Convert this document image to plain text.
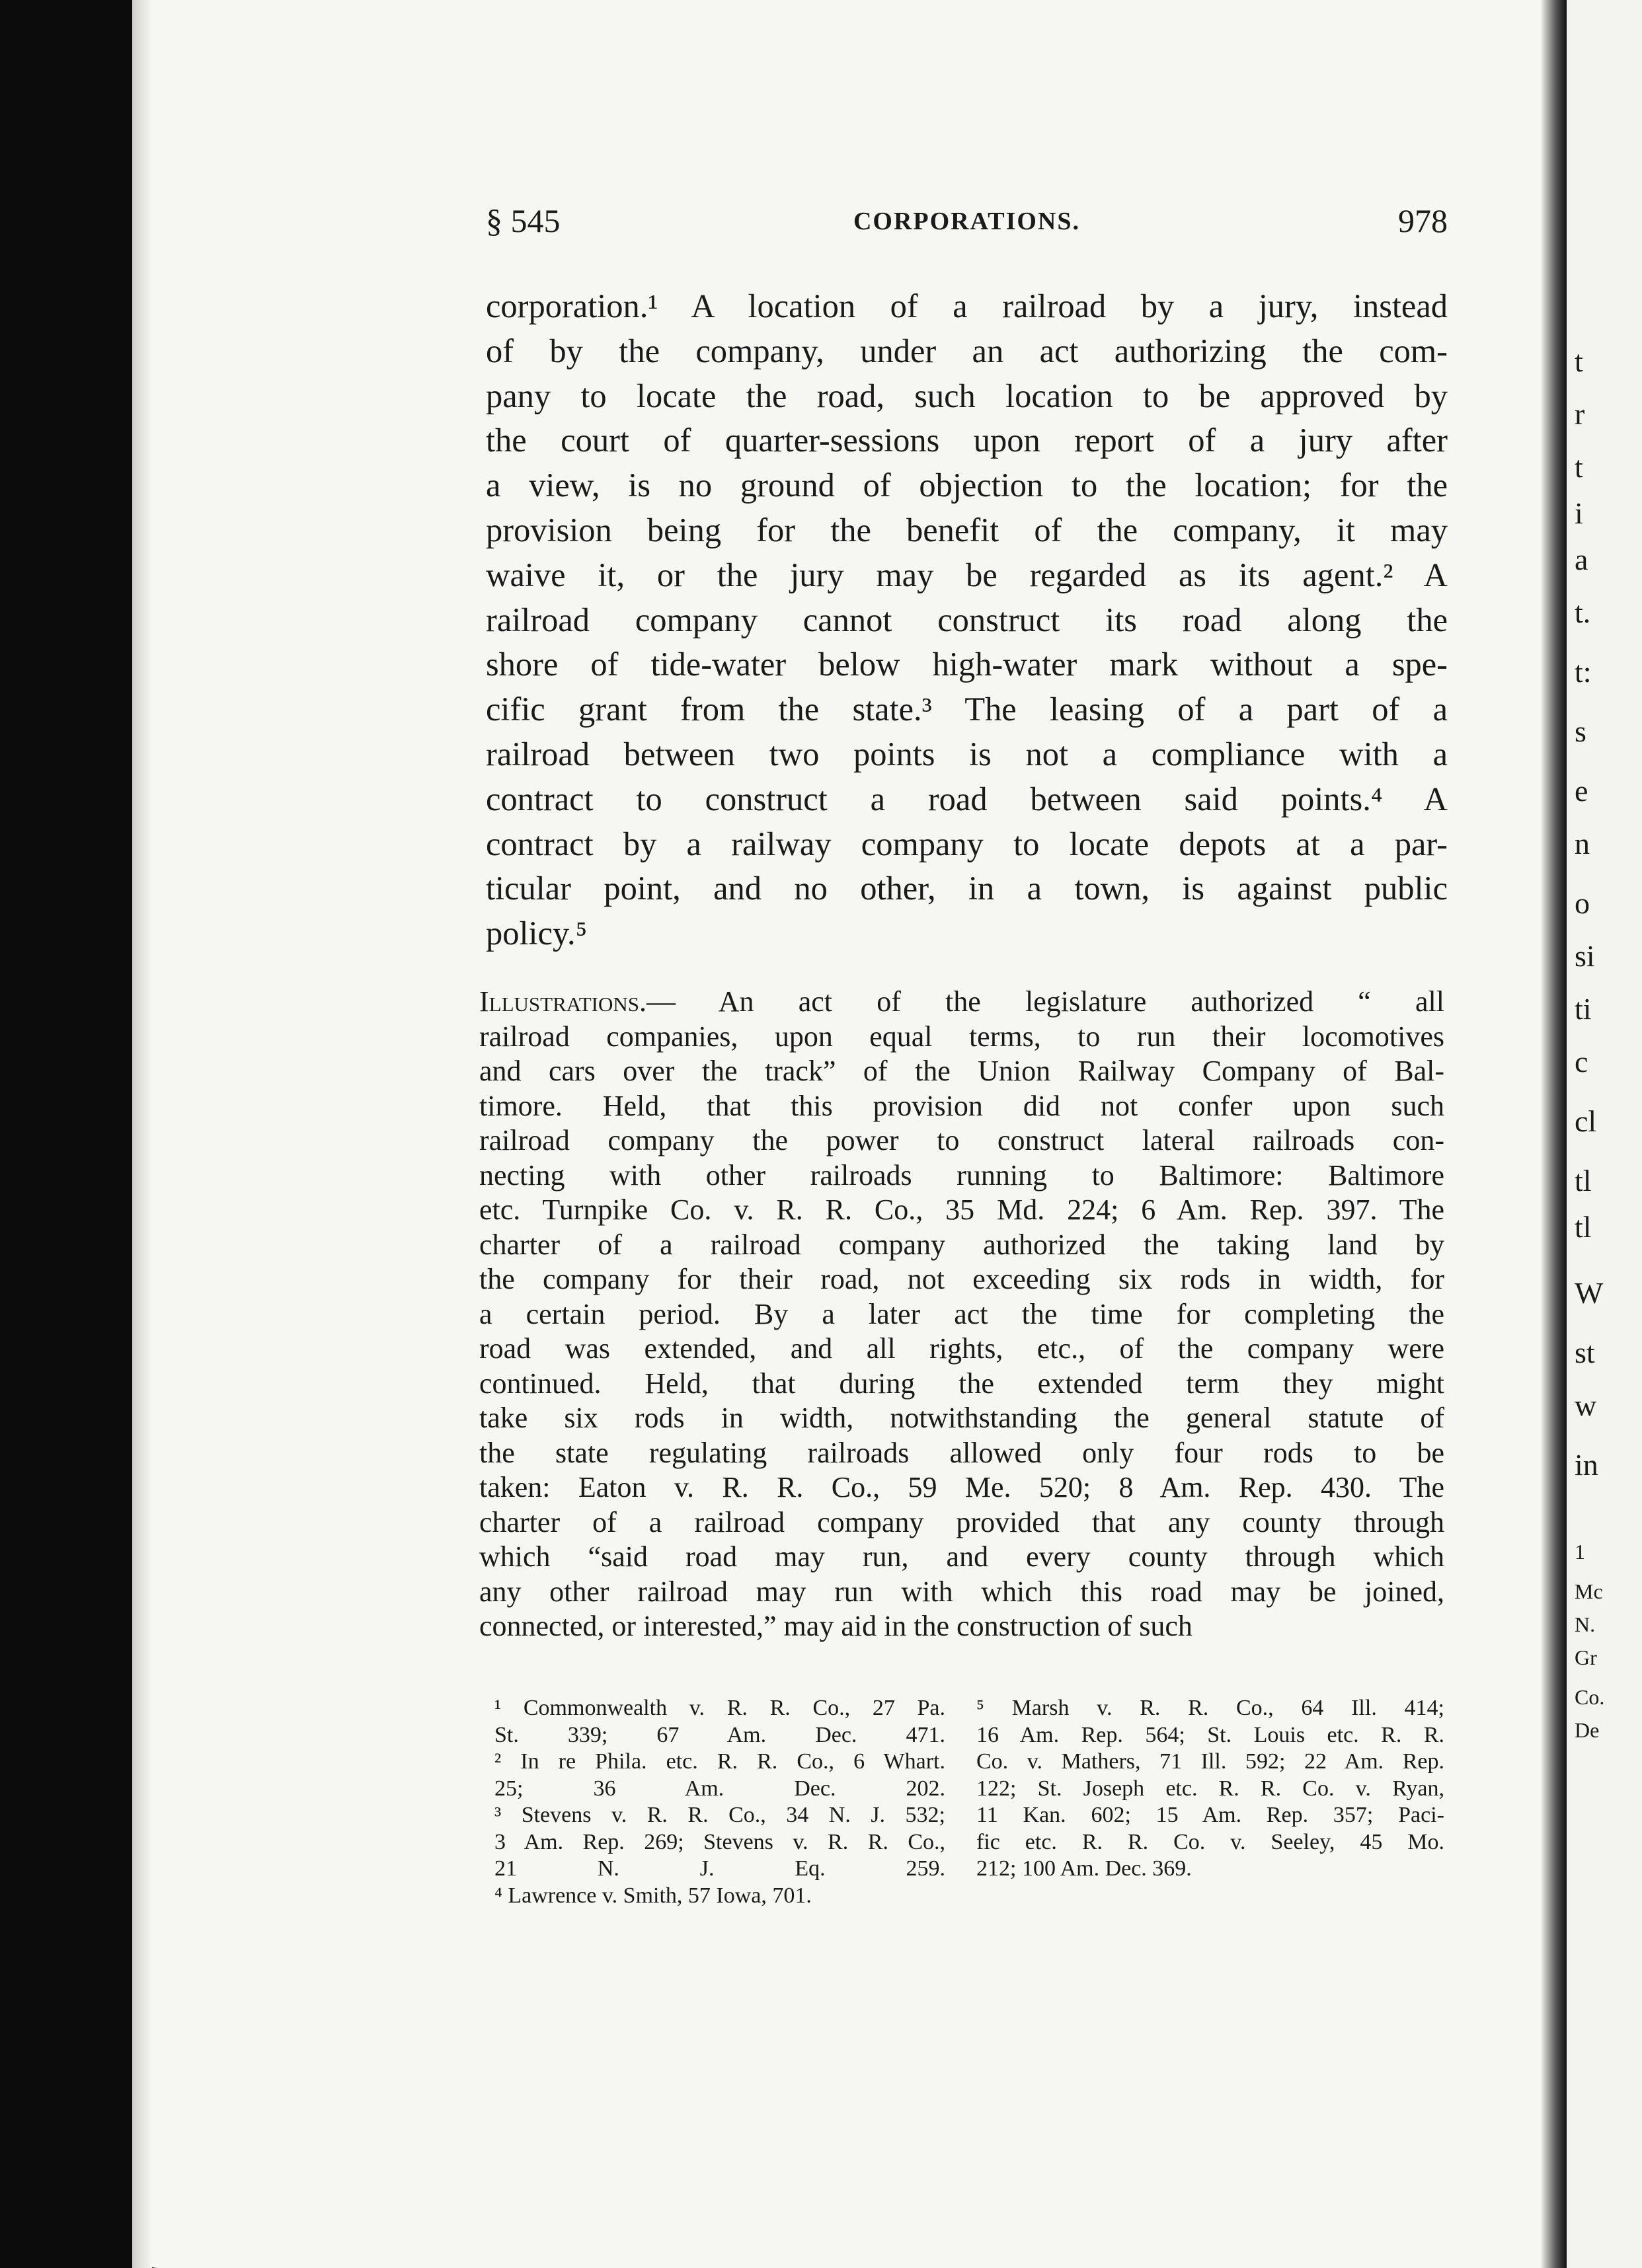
t
r
t
i
a
t.
t:
s
e
n
o
si
ti
c
cl
tl
tl
W
st
w
in
1
Mc
N.
Gr
Co.
De
§ 545	CORPORATIONS.	978
corporation.¹ A location of a railroad by a jury, instead
of by the company, under an act authorizing the com-
pany to locate the road, such location to be approved by
the court of quarter-sessions upon report of a jury after
a view, is no ground of objection to the location; for the
provision being for the benefit of the company, it may
waive it, or the jury may be regarded as its agent.² A
railroad company cannot construct its road along the
shore of tide-water below high-water mark without a spe-
cific grant from the state.³ The leasing of a part of a
railroad between two points is not a compliance with a
contract to construct a road between said points.⁴ A
contract by a railway company to locate depots at a par-
ticular point, and no other, in a town, is against public
policy.⁵
Illustrations.— An act of the legislature authorized “ all
railroad companies, upon equal terms, to run their locomotives
and cars over the track” of the Union Railway Company of Bal-
timore. Held, that this provision did not confer upon such
railroad company the power to construct lateral railroads con-
necting with other railroads running to Baltimore: Baltimore
etc. Turnpike Co. v. R. R. Co., 35 Md. 224; 6 Am. Rep. 397. The
charter of a railroad company authorized the taking land by
the company for their road, not exceeding six rods in width, for
a certain period. By a later act the time for completing the
road was extended, and all rights, etc., of the company were
continued. Held, that during the extended term they might
take six rods in width, notwithstanding the general statute of
the state regulating railroads allowed only four rods to be
taken: Eaton v. R. R. Co., 59 Me. 520; 8 Am. Rep. 430. The
charter of a railroad company provided that any county through
which “said road may run, and every county through which
any other railroad may run with which this road may be joined,
connected, or interested,” may aid in the construction of such
¹ Commonwealth v. R. R. Co., 27 Pa.
St. 339; 67 Am. Dec. 471.
² In re Phila. etc. R. R. Co., 6 Whart.
25; 36 Am. Dec. 202.
³ Stevens v. R. R. Co., 34 N. J. 532;
3 Am. Rep. 269; Stevens v. R. R. Co.,
21 N. J. Eq. 259.
⁴ Lawrence v. Smith, 57 Iowa, 701.
⁵ Marsh v. R. R. Co., 64 Ill. 414;
16 Am. Rep. 564; St. Louis etc. R. R.
Co. v. Mathers, 71 Ill. 592; 22 Am. Rep.
122; St. Joseph etc. R. R. Co. v. Ryan,
11 Kan. 602; 15 Am. Rep. 357; Paci-
fic etc. R. R. Co. v. Seeley, 45 Mo.
212; 100 Am. Dec. 369.
